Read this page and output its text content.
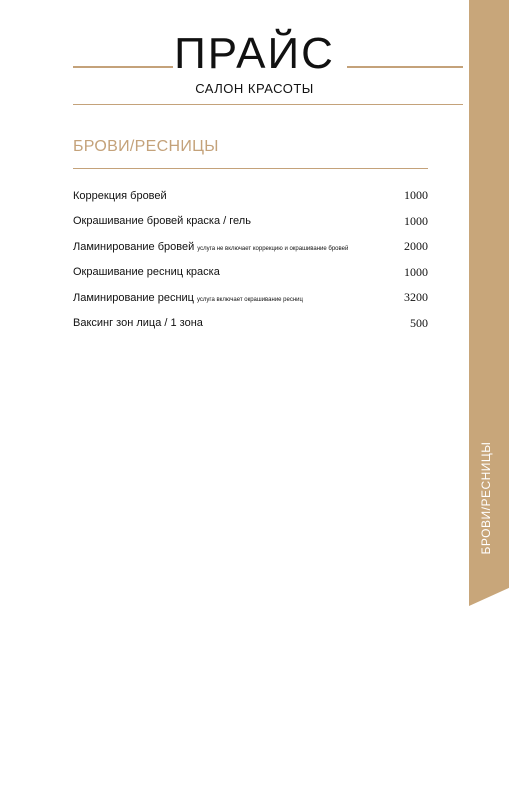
ПРАЙС
САЛОН КРАСОТЫ
БРОВИ/РЕСНИЦЫ
Коррекция бровей	1000
Окрашивание бровей краска / гель	1000
Ламинирование бровей услуга не включает коррекцию и окрашивание бровей	2000
Окрашивание ресниц краска	1000
Ламинирование ресниц услуга включает окрашивание ресниц	3200
Ваксинг зон лица / 1 зона	500
БРОВИ/РЕСНИЦЫ
